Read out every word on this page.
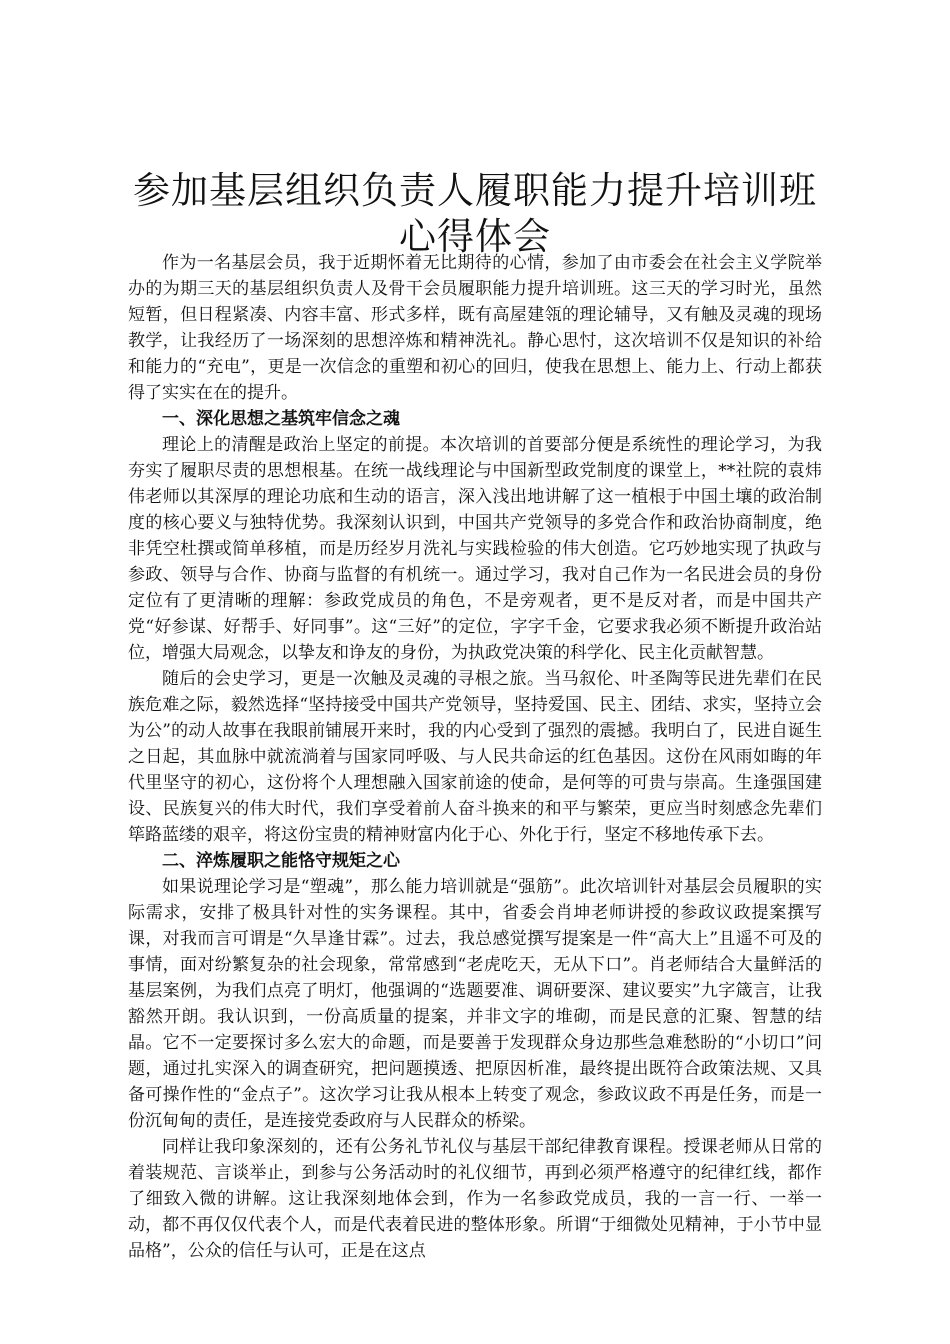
参加基层组织负责人履职能力提升培训班心得体会

作为一名基层会员，我于近期怀着无比期待的心情，参加了由市委会在社会主义学院举办的为期三天的基层组织负责人及骨干会员履职能力提升培训班。这三天的学习时光，虽然短暂，但日程紧凑、内容丰富、形式多样，既有高屋建瓴的理论辅导，又有触及灵魂的现场教学，让我经历了一场深刻的思想淬炼和精神洗礼。静心思忖，这次培训不仅是知识的补给和能力的“充电”，更是一次信念的重塑和初心的回归，使我在思想上、能力上、行动上都获得了实实在在的提升。

一、深化思想之基筑牢信念之魂

理论上的清醒是政治上坚定的前提。本次培训的首要部分便是系统性的理论学习，为我夯实了履职尽责的思想根基。在统一战线理论与中国新型政党制度的课堂上，**社院的袁炜伟老师以其深厚的理论功底和生动的语言，深入浅出地讲解了这一植根于中国土壤的政治制度的核心要义与独特优势。我深刻认识到，中国共产党领导的多党合作和政治协商制度，绝非凭空杜撰或简单移植，而是历经岁月洗礼与实践检验的伟大创造。它巧妙地实现了执政与参政、领导与合作、协商与监督的有机统一。通过学习，我对自己作为一名民进会员的身份定位有了更清晰的理解：参政党成员的角色，不是旁观者，更不是反对者，而是中国共产党“好参谋、好帮手、好同事”。这“三好”的定位，字字千金，它要求我必须不断提升政治站位，增强大局观念，以挚友和诤友的身份，为执政党决策的科学化、民主化贡献智慧。

随后的会史学习，更是一次触及灵魂的寻根之旅。当马叙伦、叶圣陶等民进先辈们在民族危难之际，毅然选择“坚持接受中国共产党领导，坚持爱国、民主、团结、求实，坚持立会为公”的动人故事在我眼前铺展开来时，我的内心受到了强烈的震撼。我明白了，民进自诞生之日起，其血脉中就流淌着与国家同呼吸、与人民共命运的红色基因。这份在风雨如晦的年代里坚守的初心，这份将个人理想融入国家前途的使命，是何等的可贵与崇高。生逢强国建设、民族复兴的伟大时代，我们享受着前人奋斗换来的和平与繁荣，更应当时刻感念先辈们筚路蓝缕的艰辛，将这份宝贵的精神财富内化于心、外化于行，坚定不移地传承下去。

二、淬炼履职之能恪守规矩之心

如果说理论学习是“塑魂”，那么能力培训就是“强筋”。此次培训针对基层会员履职的实际需求，安排了极具针对性的实务课程。其中，省委会肖坤老师讲授的参政议政提案撰写课，对我而言可谓是“久旱逢甘霖”。过去，我总感觉撰写提案是一件“高大上”且遥不可及的事情，面对纷繁复杂的社会现象，常常感到“老虎吃天，无从下口”。肖老师结合大量鲜活的基层案例，为我们点亮了明灯，他强调的“选题要准、调研要深、建议要实”九字箴言，让我豁然开朗。我认识到，一份高质量的提案，并非文字的堆砌，而是民意的汇聚、智慧的结晶。它不一定要探讨多么宏大的命题，而是要善于发现群众身边那些急难愁盼的“小切口”问题，通过扎实深入的调查研究，把问题摸透、把原因析准，最终提出既符合政策法规、又具备可操作性的“金点子”。这次学习让我从根本上转变了观念，参政议政不再是任务，而是一份沉甸甸的责任，是连接党委政府与人民群众的桥梁。

同样让我印象深刻的，还有公务礼节礼仪与基层干部纪律教育课程。授课老师从日常的着装规范、言谈举止，到参与公务活动时的礼仪细节，再到必须严格遵守的纪律红线，都作了细致入微的讲解。这让我深刻地体会到，作为一名参政党成员，我的一言一行、一举一动，都不再仅仅代表个人，而是代表着民进的整体形象。所谓“于细微处见精神，于小节中显品格”，公众的信任与认可，正是在这点
